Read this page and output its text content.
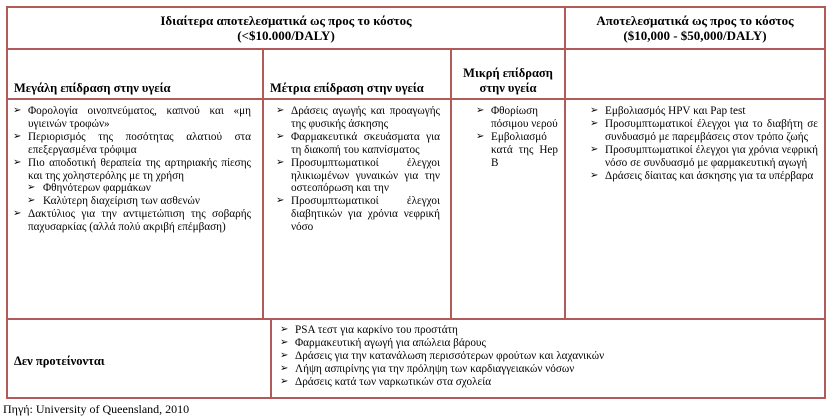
Ιδιαίτερα αποτελεσματικά ως προς το κόστος
(<$10.000/DALY)
Αποτελεσματικά ως προς το κόστος
($10,000 - $50,000/DALY)
Μεγάλη επίδραση στην υγεία	Μέτρια επίδραση στην υγεία
Μικρή επίδραση
στην υγεία
➢ Φορολογία οινοπνεύματος, καπνού και «μη υγιεινών τροφών»
➢ Περιορισμός της ποσότητας αλατιού στα επεξεργασμένα τρόφιμα
➢ Πιο αποδοτική θεραπεία της αρτηριακής πίεσης και της χοληστερόλης με τη χρήση
➢ Φθηνότερων φαρμάκων
➢ Καλύτερη διαχείριση των ασθενών
➢ Δακτύλιος για την αντιμετώπιση της σοβαρής παχυσαρκίας (αλλά πολύ ακριβή επέμβαση)
➢ Δράσεις αγωγής και προαγωγής της φυσικής άσκησης
➢ Φαρμακευτικά σκευάσματα για τη διακοπή του καπνίσματος
➢ Προσυμπτωματικοί έλεγχοι ηλικιωμένων γυναικών για την οστεοπόρωση και την
➢ Προσυμπτωματικοί έλεγχοι διαβητικών για χρόνια νεφρική νόσο
➢ Φθορίωση πόσιμου νερού
➢ Εμβολιασμό κατά της Hep B
➢ Εμβολιασμός HPV και Pap test
➢ Προσυμπτωματικοί έλεγχοι για το διαβήτη σε συνδυασμό με παρεμβάσεις στον τρόπο ζωής
➢ Προσυμπτωματικοί έλεγχοι για χρόνια νεφρική νόσο σε συνδυασμό με φαρμακευτική αγωγή
➢ Δράσεις δίαιτας και άσκησης για τα υπέρβαρα
Δεν προτείνονται
➢ PSA τεστ για καρκίνο του προστάτη
➢ Φαρμακευτική αγωγή για απώλεια βάρους
➢ Δράσεις για την κατανάλωση περισσότερων φρούτων και λαχανικών
➢ Λήψη ασπιρίνης για την πρόληψη των καρδιαγγειακών νόσων
➢ Δράσεις κατά των ναρκωτικών στα σχολεία
Πηγή: University of Queensland, 2010
